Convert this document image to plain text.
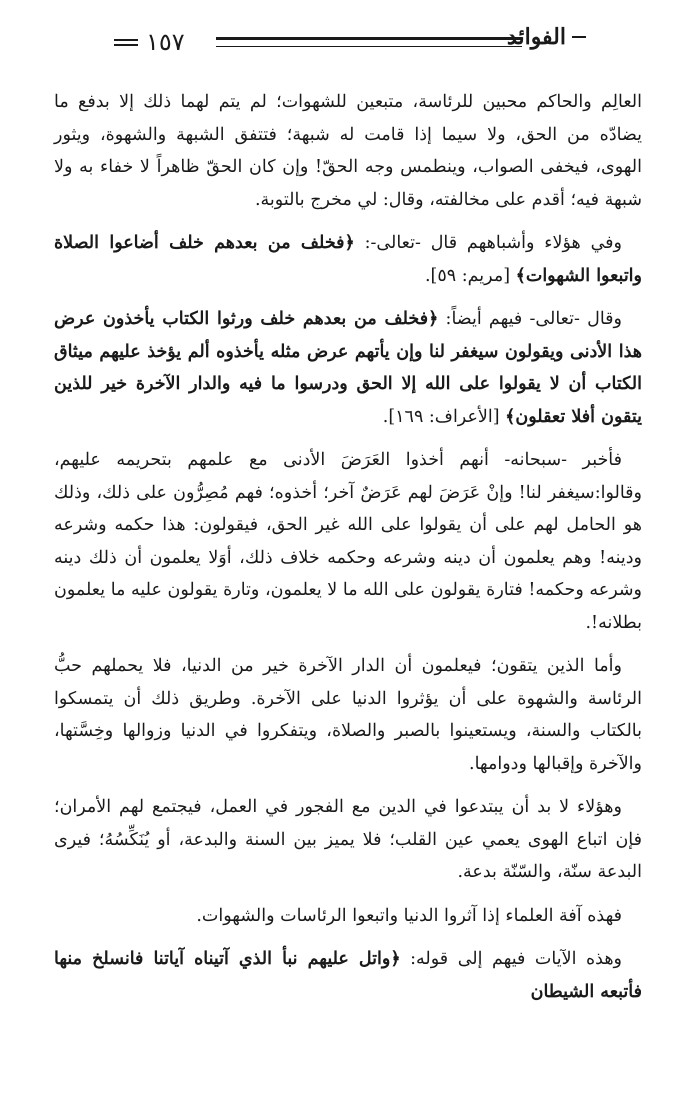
١٥٧	الفوائد

العالِم والحاكم محبين للرئاسة، متبعين للشهوات؛ لم يتم لهما ذلك إلا بدفع ما يضادّه من الحق، ولا سيما إذا قامت له شبهة؛ فتتفق الشبهة والشهوة، ويثور الهوى، فيخفى الصواب، وينطمس وجه الحقّ! وإن كان الحقّ ظاهراً لا خفاء به ولا شبهة فيه؛ أقدم على مخالفته، وقال: لي مخرج بالتوبة.

وفي هؤلاء وأشباههم قال -تعالى-: ﴿فخلف من بعدهم خلف أضاعوا الصلاة واتبعوا الشهوات﴾ [مريم: ٥٩].

وقال -تعالى- فيهم أيضاً: ﴿فخلف من بعدهم خلف ورثوا الكتاب يأخذون عرض هذا الأدنى ويقولون سيغفر لنا وإن يأتهم عرض مثله يأخذوه ألم يؤخذ عليهم ميثاق الكتاب أن لا يقولوا على الله إلا الحق ودرسوا ما فيه والدار الآخرة خير للذين يتقون أفلا تعقلون﴾ [الأعراف: ١٦٩].

فأخبر -سبحانه- أنهم أخذوا العَرَضَ الأدنى مع علمهم بتحريمه عليهم، وقالوا:سيغفر لنا! وإنْ عَرَضَ لهم عَرَضٌ آخر؛ أخذوه؛ فهم مُصِرُّون على ذلك، وذلك هو الحامل لهم على أن يقولوا على الله غير الحق، فيقولون: هذا حكمه وشرعه ودينه! وهم يعلمون أن دينه وشرعه وحكمه خلاف ذلك، أوَلا يعلمون أن ذلك دينه وشرعه وحكمه! فتارة يقولون على الله ما لا يعلمون، وتارة يقولون عليه ما يعلمون بطلانه!.

وأما الذين يتقون؛ فيعلمون أن الدار الآخرة خير من الدنيا، فلا يحملهم حبُّ الرئاسة والشهوة على أن يؤثروا الدنيا على الآخرة. وطريق ذلك أن يتمسكوا بالكتاب والسنة، ويستعينوا بالصبر والصلاة، ويتفكروا في الدنيا وزوالها وخِسَّتها، والآخرة وإقبالها ودوامها.

وهؤلاء لا بد أن يبتدعوا في الدين مع الفجور في العمل، فيجتمع لهم الأمران؛ فإن اتباع الهوى يعمي عين القلب؛ فلا يميز بين السنة والبدعة، أو يُنَكِّسُهُ؛ فيرى البدعة سنّة، والسّنّة بدعة.

فهذه آفة العلماء إذا آثروا الدنيا واتبعوا الرئاسات والشهوات.

وهذه الآيات فيهم إلى قوله: ﴿واتل عليهم نبأ الذي آتيناه آياتنا فانسلخ منها فأتبعه الشيطان
